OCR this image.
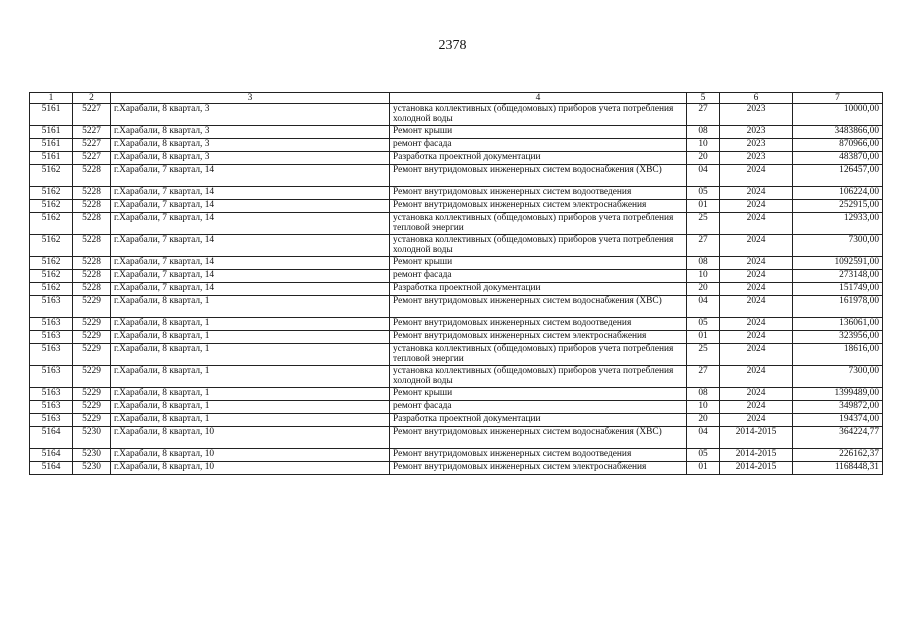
2378
1	2	3	4	5	6	7
5161	5227	г.Харабали, 8 квартал, 3	установка коллективных (общедомовых) приборов учета потребления холодной воды	27	2023	10000,00
5161	5227	г.Харабали, 8 квартал, 3	Ремонт крыши	08	2023	3483866,00
5161	5227	г.Харабали, 8 квартал, 3	ремонт фасада	10	2023	870966,00
5161	5227	г.Харабали, 8 квартал, 3	Разработка проектной документации	20	2023	483870,00
5162	5228	г.Харабали, 7 квартал, 14	Ремонт внутридомовых инженерных систем водоснабжения (ХВС)	04	2024	126457,00
5162	5228	г.Харабали, 7 квартал, 14	Ремонт внутридомовых инженерных систем водоотведения	05	2024	106224,00
5162	5228	г.Харабали, 7 квартал, 14	Ремонт внутридомовых инженерных систем электроснабжения	01	2024	252915,00
5162	5228	г.Харабали, 7 квартал, 14	установка коллективных (общедомовых) приборов учета потребления тепловой энергии	25	2024	12933,00
5162	5228	г.Харабали, 7 квартал, 14	установка коллективных (общедомовых) приборов учета потребления холодной воды	27	2024	7300,00
5162	5228	г.Харабали, 7 квартал, 14	Ремонт крыши	08	2024	1092591,00
5162	5228	г.Харабали, 7 квартал, 14	ремонт фасада	10	2024	273148,00
5162	5228	г.Харабали, 7 квартал, 14	Разработка проектной документации	20	2024	151749,00
5163	5229	г.Харабали, 8 квартал, 1	Ремонт внутридомовых инженерных систем водоснабжения (ХВС)	04	2024	161978,00
5163	5229	г.Харабали, 8 квартал, 1	Ремонт внутридомовых инженерных систем водоотведения	05	2024	136061,00
5163	5229	г.Харабали, 8 квартал, 1	Ремонт внутридомовых инженерных систем электроснабжения	01	2024	323956,00
5163	5229	г.Харабали, 8 квартал, 1	установка коллективных (общедомовых) приборов учета потребления тепловой энергии	25	2024	18616,00
5163	5229	г.Харабали, 8 квартал, 1	установка коллективных (общедомовых) приборов учета потребления холодной воды	27	2024	7300,00
5163	5229	г.Харабали, 8 квартал, 1	Ремонт крыши	08	2024	1399489,00
5163	5229	г.Харабали, 8 квартал, 1	ремонт фасада	10	2024	349872,00
5163	5229	г.Харабали, 8 квартал, 1	Разработка проектной документации	20	2024	194374,00
5164	5230	г.Харабали, 8 квартал, 10	Ремонт внутридомовых инженерных систем водоснабжения (ХВС)	04	2014-2015	364224,77
5164	5230	г.Харабали, 8 квартал, 10	Ремонт внутридомовых инженерных систем водоотведения	05	2014-2015	226162,37
5164	5230	г.Харабали, 8 квартал, 10	Ремонт внутридомовых инженерных систем электроснабжения	01	2014-2015	1168448,31
